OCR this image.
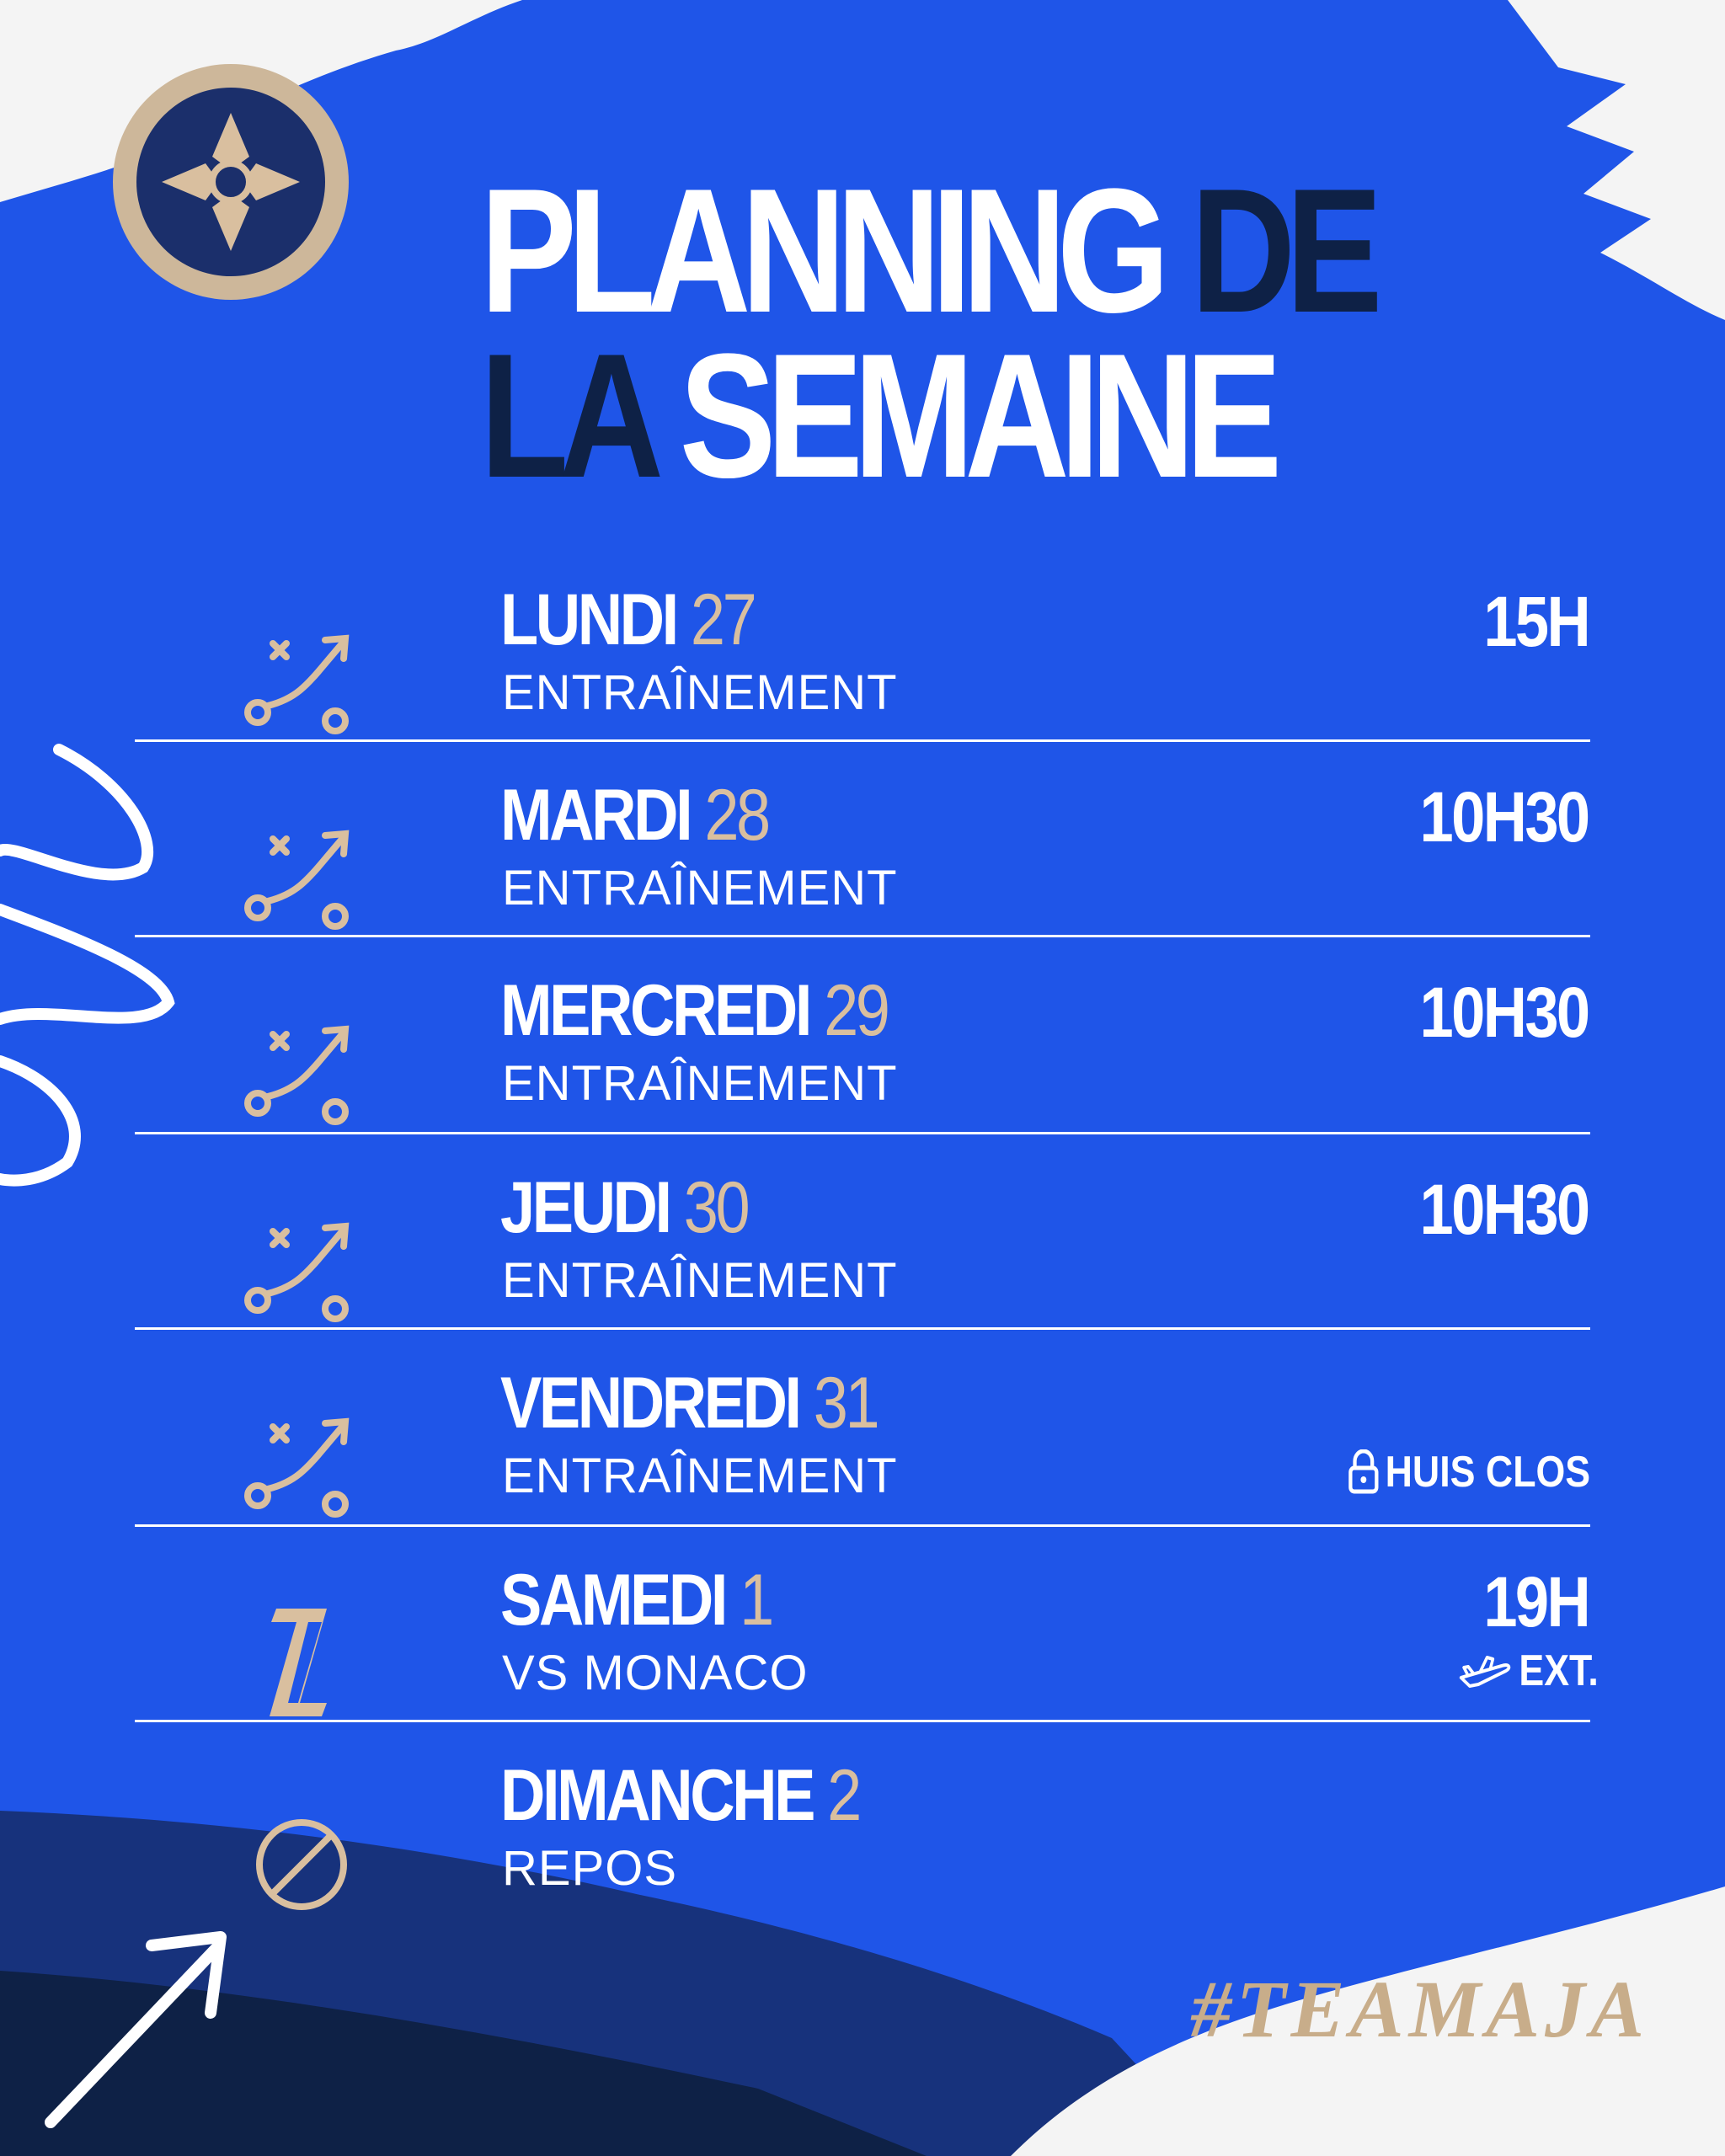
PLANNING DE
LA SEMAINE
LUNDI 27
ENTRAÎNEMENT
15H
MARDI 28
ENTRAÎNEMENT
10H30
MERCREDI 29
ENTRAÎNEMENT
10H30
JEUDI 30
ENTRAÎNEMENT
10H30
VENDREDI 31
ENTRAÎNEMENT	HUIS CLOS
SAMEDI 1
VS MONACO
19H
EXT.
DIMANCHE 2
REPOS
#TEAMAJA
